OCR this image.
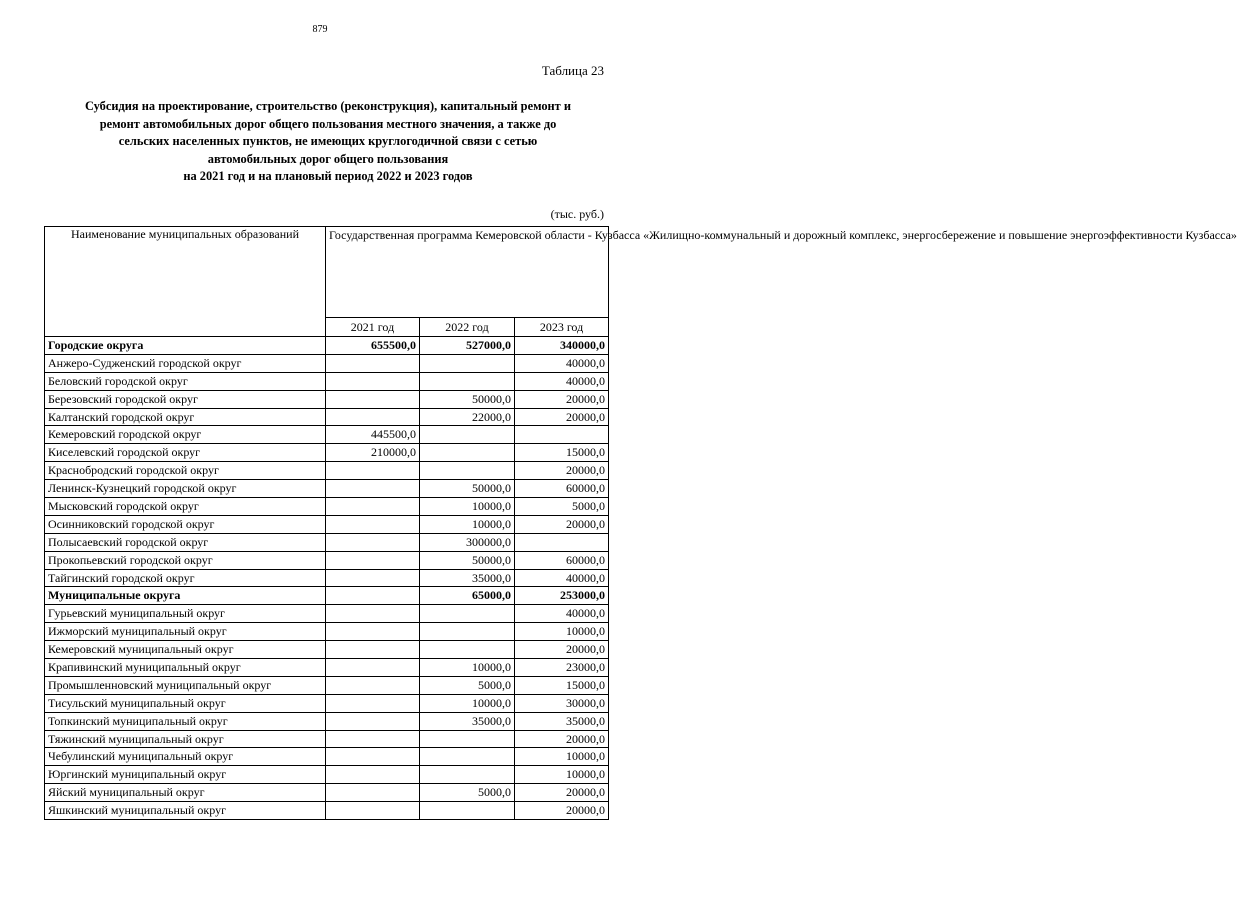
879
Таблица 23
Субсидия на проектирование, строительство (реконструкция), капитальный ремонт и
ремонт автомобильных дорог общего пользования местного значения, а также до
сельских населенных пунктов, не имеющих круглогодичной связи с сетью
автомобильных дорог общего пользования
на 2021 год и на плановый период 2022 и 2023 годов
(тыс. руб.)
Наименование муниципальных образований	Государственная программа Кемеровской области - Кузбасса «Жилищно-коммунальный и дорожный комплекс, энергосбережение и повышение энергоэффективности Кузбасса»		
	2021 год	2022 год	2023 год
Городские округа	655500,0	527000,0	340000,0
Анжеро-Судженский городской округ			40000,0
Беловский городской округ			40000,0
Березовский городской округ		50000,0	20000,0
Калтанский городской округ		22000,0	20000,0
Кемеровский городской округ	445500,0		
Киселевский городской округ	210000,0		15000,0
Краснобродский городской округ			20000,0
Ленинск-Кузнецкий городской округ		50000,0	60000,0
Мысковский городской округ		10000,0	5000,0
Осинниковский городской округ		10000,0	20000,0
Полысаевский городской округ		300000,0	
Прокопьевский городской округ		50000,0	60000,0
Тайгинский городской округ		35000,0	40000,0
Муниципальные округа		65000,0	253000,0
Гурьевский муниципальный округ			40000,0
Ижморский муниципальный округ			10000,0
Кемеровский муниципальный округ			20000,0
Крапивинский муниципальный округ		10000,0	23000,0
Промышленновский муниципальный округ		5000,0	15000,0
Тисульский муниципальный округ		10000,0	30000,0
Топкинский муниципальный округ		35000,0	35000,0
Тяжинский муниципальный округ			20000,0
Чебулинский муниципальный округ			10000,0
Юргинский муниципальный округ			10000,0
Яйский муниципальный округ		5000,0	20000,0
Яшкинский муниципальный округ			20000,0
